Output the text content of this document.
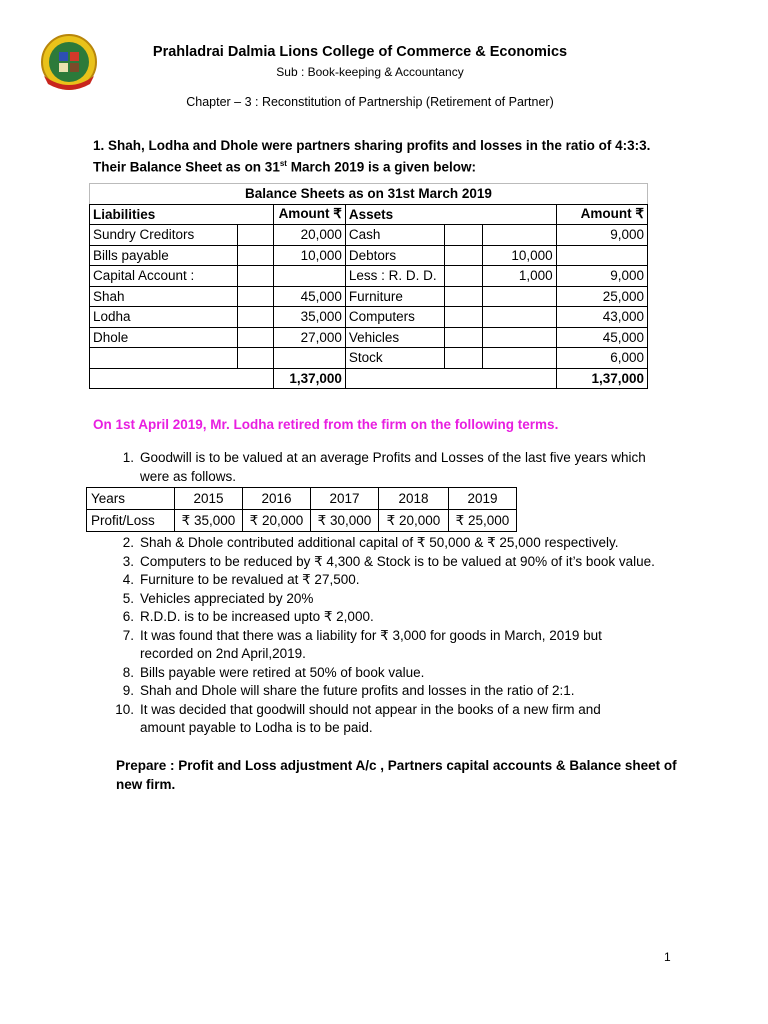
Prahladrai Dalmia Lions College of Commerce & Economics
Sub : Book-keeping & Accountancy
Chapter – 3 : Reconstitution of Partnership (Retirement of Partner)
1. Shah, Lodha and Dhole were partners sharing profits and losses in the ratio of 4:3:3.
Their Balance Sheet as on 31st March 2019 is a given below:
Balance Sheets as on 31st March 2019						
Liabilities		Amount ₹	Assets			Amount ₹
Sundry Creditors		20,000	Cash			9,000
Bills payable		10,000	Debtors		10,000	
Capital Account :			Less : R. D. D.		1,000	9,000
Shah		45,000	Furniture			25,000
Lodha		35,000	Computers			43,000
Dhole		27,000	Vehicles			45,000
			Stock			6,000
		1,37,000				1,37,000
On 1st April 2019, Mr. Lodha retired from the firm on the following terms.
1. Goodwill is to be valued at an average Profits and Losses of the last five years which
were as follows.
Years	2015	2016	2017	2018	2019
Profit/Loss	₹ 35,000	₹ 20,000	₹ 30,000	₹ 20,000	₹ 25,000
2. Shah & Dhole contributed additional capital of ₹ 50,000 & ₹ 25,000 respectively.
3. Computers to be reduced by ₹ 4,300 & Stock is to be valued at 90% of it’s book value.
4. Furniture to be revalued at ₹ 27,500.
5. Vehicles appreciated by 20%
6. R.D.D. is to be increased upto ₹ 2,000.
7. It was found that there was a liability for ₹ 3,000 for goods in March, 2019 but
recorded on 2nd April,2019.
8. Bills payable were retired at 50% of book value.
9. Shah and Dhole will share the future profits and losses in the ratio of 2:1.
10. It was decided that goodwill should not appear in the books of a new firm and
amount payable to Lodha is to be paid.
Prepare : Profit and Loss adjustment A/c , Partners capital accounts & Balance sheet of new firm.
1
